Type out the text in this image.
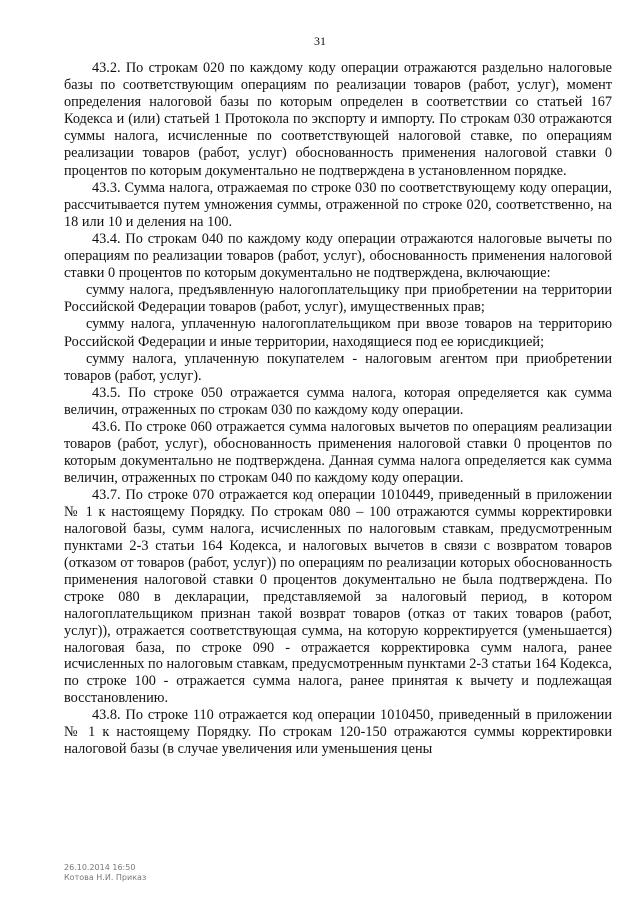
31

43.2. По строкам 020 по каждому коду операции отражаются раздельно налоговые базы по соответствующим операциям по реализации товаров (работ, услуг), момент определения налоговой базы по которым определен в соответствии со статьей 167 Кодекса и (или) статьей 1 Протокола по экспорту и импорту. По строкам 030 отражаются суммы налога, исчисленные по соответствующей налоговой ставке, по операциям реализации товаров (работ, услуг) обоснованность применения налоговой ставки 0 процентов по которым документально не подтверждена в установленном порядке.

43.3. Сумма налога, отражаемая по строке 030 по соответствующему коду операции, рассчитывается путем умножения суммы, отраженной по строке 020, соответственно, на 18 или 10 и деления на 100.

43.4. По строкам 040 по каждому коду операции отражаются налоговые вычеты по операциям по реализации товаров (работ, услуг), обоснованность применения налоговой ставки 0 процентов по которым документально не подтверждена, включающие:

сумму налога, предъявленную налогоплательщику при приобретении на территории Российской Федерации товаров (работ, услуг), имущественных прав;

сумму налога, уплаченную налогоплательщиком при ввозе товаров на территорию Российской Федерации и иные территории, находящиеся под ее юрисдикцией;

сумму налога, уплаченную покупателем - налоговым агентом при приобретении товаров (работ, услуг).

43.5. По строке 050 отражается сумма налога, которая определяется как сумма величин, отраженных по строкам 030 по каждому коду операции.

43.6. По строке 060 отражается сумма налоговых вычетов по операциям реализации товаров (работ, услуг), обоснованность применения налоговой ставки 0 процентов по которым документально не подтверждена. Данная сумма налога определяется как сумма величин, отраженных по строкам 040 по каждому коду операции.

43.7. По строке 070 отражается код операции 1010449, приведенный в приложении № 1 к настоящему Порядку. По строкам 080 – 100 отражаются суммы корректировки налоговой базы, сумм налога, исчисленных по налоговым ставкам, предусмотренным пунктами 2-3 статьи 164 Кодекса, и налоговых вычетов в связи с возвратом товаров (отказом от товаров (работ, услуг)) по операциям по реализации которых обоснованность применения налоговой ставки 0 процентов документально не была подтверждена. По строке 080 в декларации, представляемой за налоговый период, в котором налогоплательщиком признан такой возврат товаров (отказ от таких товаров (работ, услуг)), отражается соответствующая сумма, на которую корректируется (уменьшается) налоговая база, по строке 090 - отражается корректировка сумм налога, ранее исчисленных по налоговым ставкам, предусмотренным пунктами 2-3 статьи 164 Кодекса, по строке 100 - отражается сумма налога, ранее принятая к вычету и подлежащая восстановлению.

43.8. По строке 110 отражается код операции 1010450, приведенный в приложении № 1 к настоящему Порядку. По строкам 120-150 отражаются суммы корректировки налоговой базы (в случае увеличения или уменьшения цены

26.10.2014 16:50
Котова Н.И. Приказ
